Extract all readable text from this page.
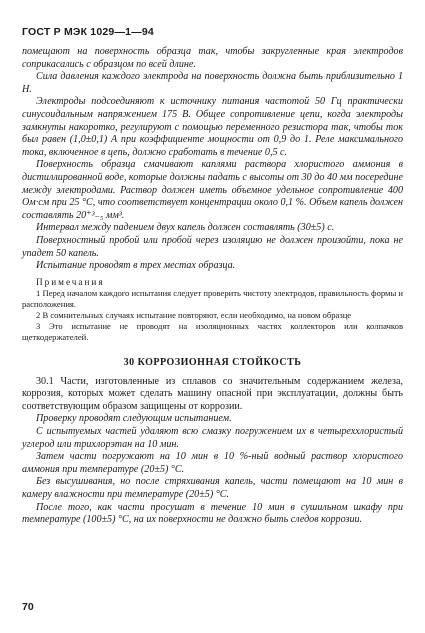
ГОСТ Р МЭК 1029—1—94

помещают на поверхность образца так, чтобы закругленные края электродов соприкасались с образцом по всей длине.

Сила давления каждого электрода на поверхность должна быть приблизительно 1 Н.

Электроды подсоединяют к источнику питания частотой 50 Гц практически синусоидальным напряжением 175 В. Общее сопротивление цепи, когда электроды замкнуты накоротко, регулируют с помощью переменного резистора так, чтобы ток был равен (1,0±0,1) А при коэффициенте мощности от 0,9 до 1. Реле максимального тока, включенное в цепь, должно сработать в течение 0,5 с.

Поверхность образца смачивают каплями раствора хлористого аммония в дистиллированной воде, которые должны падать с высоты от 30 до 40 мм посередине между электродами. Раствор должен иметь объемное удельное сопротивление 400 Ом·см при 25 °С, что соответствует концентрации около 0,1 %. Объем капель должен составлять 20⁺³₋₅ мм³.

Интервал между падением двух капель должен составлять (30±5) с.

Поверхностный пробой или пробой через изоляцию не должен произойти, пока не упадет 50 капель.

Испытание проводят в трех местах образца.

Примечания

1 Перед началом каждого испытания следует проверить чистоту электродов, правильность формы и расположения.

2 В сомнительных случаях испытание повторяют, если необходимо, на новом образце

3 Это испытание не проводят на изоляционных частях коллекторов или колпачков щеткодержателей.

30 КОРРОЗИОННАЯ СТОЙКОСТЬ

30.1 Части, изготовленные из сплавов со значительным содержанием железа, коррозия, которых может сделать машину опасной при эксплуатации, должны быть соответствующим образом защищены от коррозии.

Проверку проводят следующим испытанием.

С испытуемых частей удаляют всю смазку погружением их в четыреххлористый углерод или трихлорэтан на 10 мин.

Затем части погружают на 10 мин в 10 %-ный водный раствор хлористого аммония при температуре (20±5) °С.

Без высушивания, но после стряхивания капель, части помещают на 10 мин в камеру влажности при температуре (20±5) °С.

После того, как части просушат в течение 10 мин в сушильном шкафу при температуре (100±5) °С, на их поверхности не должно быть следов коррозии.

70
